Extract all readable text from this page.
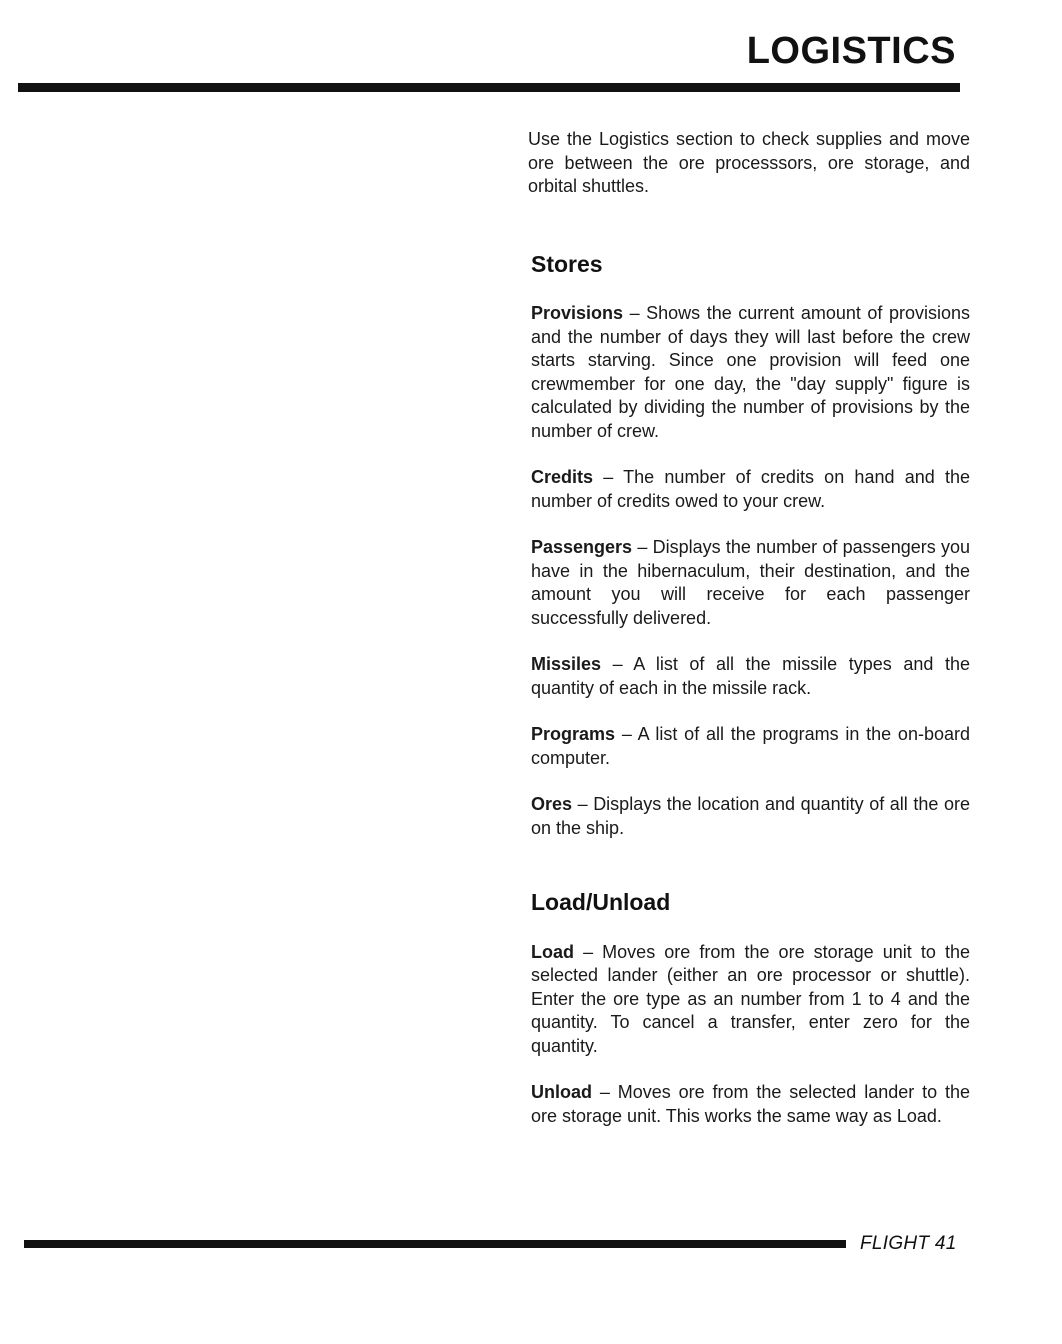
LOGISTICS

Use the Logistics section to check supplies and move ore between the ore processsors, ore storage, and orbital shuttles.

Stores

Provisions – Shows the current amount of provisions and the number of days they will last before the crew starts starving. Since one provision will feed one crewmember for one day, the "day supply" figure is calculated by dividing the number of provisions by the number of crew.

Credits – The number of credits on hand and the number of credits owed to your crew.

Passengers – Displays the number of passengers you have in the hibernaculum, their destination, and the amount you will receive for each passenger successfully delivered.

Missiles – A list of all the missile types and the quantity of each in the missile rack.

Programs – A list of all the programs in the on-board computer.

Ores – Displays the location and quantity of all the ore on the ship.

Load/Unload

Load – Moves ore from the ore storage unit to the selected lander (either an ore processor or shuttle). Enter the ore type as an number from 1 to 4 and the quantity. To cancel a transfer, enter zero for the quantity.

Unload – Moves ore from the selected lander to the ore storage unit. This works the same way as Load.

FLIGHT 41
